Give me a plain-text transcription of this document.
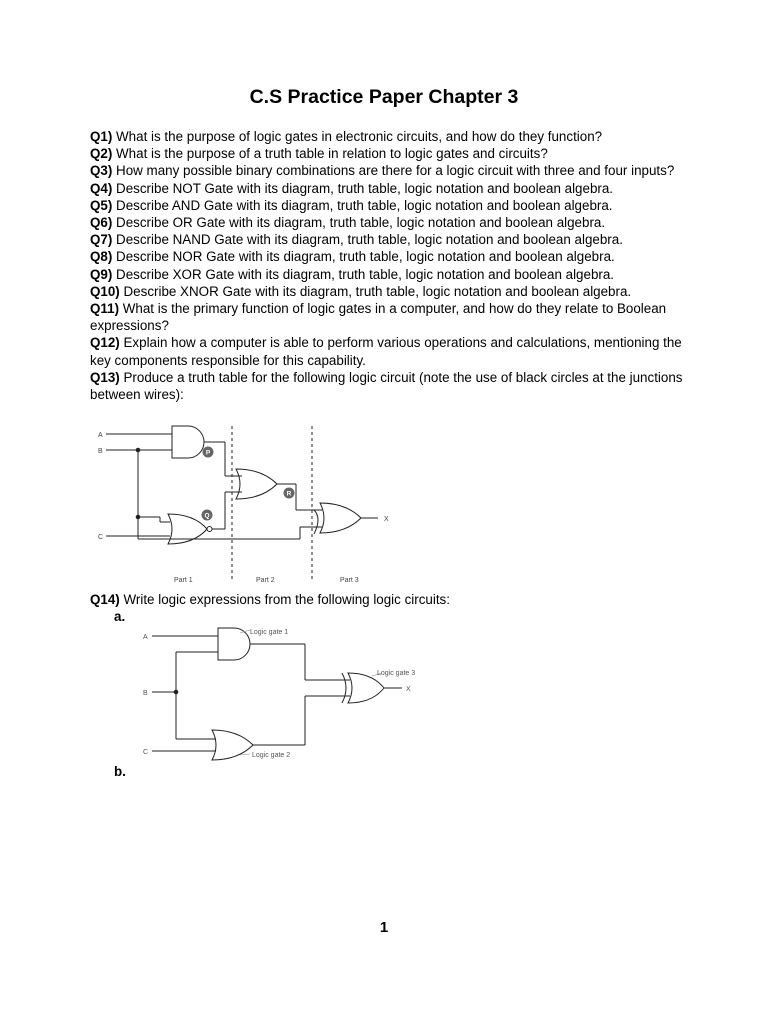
C.S Practice Paper Chapter 3

Q1) What is the purpose of logic gates in electronic circuits, and how do they function?

Q2) What is the purpose of a truth table in relation to logic gates and circuits?

Q3) How many possible binary combinations are there for a logic circuit with three and four inputs?

Q4) Describe NOT Gate with its diagram, truth table, logic notation and boolean algebra.

Q5) Describe AND Gate with its diagram, truth table, logic notation and boolean algebra.

Q6) Describe OR Gate with its diagram, truth table, logic notation and boolean algebra.

Q7) Describe NAND Gate with its diagram, truth table, logic notation and boolean algebra.

Q8) Describe NOR Gate with its diagram, truth table, logic notation and boolean algebra.

Q9) Describe XOR Gate with its diagram, truth table, logic notation and boolean algebra.

Q10) Describe XNOR Gate with its diagram, truth table, logic notation and boolean algebra.

Q11) What is the primary function of logic gates in a computer, and how do they relate to Boolean expressions?

Q12) Explain how a computer is able to perform various operations and calculations, mentioning the key components responsible for this capability.

Q13) Produce a truth table for the following logic circuit (note the use of black circles at the junctions between wires):

A
B
C
X
Part 1	Part 2	Part 3
P
Q
R

Q14) Write logic expressions from the following logic circuits:

a.
A
B
C
X
Logic gate 1
Logic gate 2
Logic gate 3
b.
1
